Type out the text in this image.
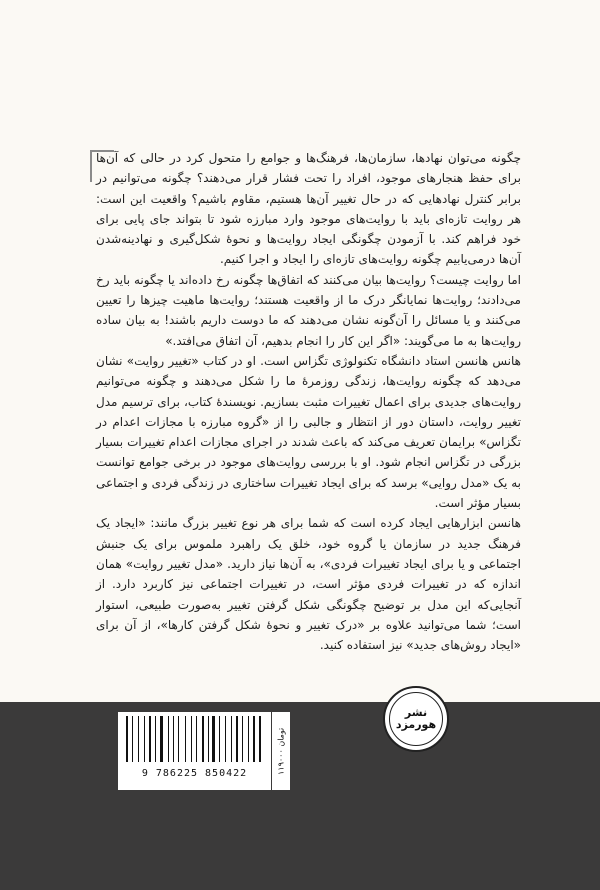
چگونه می‌توان نهادها، سازمان‌ها، فرهنگ‌ها و جوامع را متحول کرد در حالی که آن‌ها برای حفظ هنجارهای موجود، افراد را تحت فشار قرار می‌دهند؟ چگونه می‌توانیم در برابر کنترل نهادهایی که در حال تغییر آن‌ها هستیم، مقاوم باشیم؟ واقعیت این است: هر روایت تازه‌ای باید با روایت‌های موجود وارد مبارزه شود تا بتواند جای پایی برای خود فراهم کند. با آزمودن چگونگی ایجاد روایت‌ها و نحوهٔ شکل‌گیری و نهادینه‌شدن آن‌ها درمی‌یابیم چگونه روایت‌های تازه‌ای را ایجاد و اجرا کنیم.

اما روایت چیست؟ روایت‌ها بیان می‌کنند که اتفاق‌ها چگونه رخ داده‌اند یا چگونه باید رخ می‌دادند؛ روایت‌ها نمایانگر درک ما از واقعیت هستند؛ روایت‌ها ماهیت چیزها را تعیین می‌کنند و یا مسائل را آن‌گونه نشان می‌دهند که ما دوست داریم باشند! به بیان ساده روایت‌ها به ما می‌گویند: «اگر این کار را انجام بدهیم، آن اتفاق می‌افتد.»

هانس هانسن استاد دانشگاه تکنولوژی تگزاس است. او در کتاب «تغییر روایت» نشان می‌دهد که چگونه روایت‌ها، زندگی روزمرهٔ ما را شکل می‌دهند و چگونه می‌توانیم روایت‌های جدیدی برای اعمال تغییرات مثبت بسازیم. نویسندهٔ کتاب، برای ترسیم مدل تغییر روایت، داستان دور از انتظار و جالبی را از «گروه مبارزه با مجازات اعدام در تگزاس» برایمان تعریف می‌کند که باعث شدند در اجرای مجازات اعدام تغییرات بسیار بزرگی در تگزاس انجام شود. او با بررسی روایت‌های موجود در برخی جوامع توانست به یک «مدل روایی» برسد که برای ایجاد تغییرات ساختاری در زندگی فردی و اجتماعی بسیار مؤثر است.

هانسن ابزارهایی ایجاد کرده است که شما برای هر نوع تغییر بزرگ مانند: «ایجاد یک فرهنگ جدید در سازمان یا گروه خود، خلق یک راهبرد ملموس برای یک جنبش اجتماعی و یا برای ایجاد تغییرات فردی»، به آن‌ها نیاز دارید. «مدل تغییر روایت» همان اندازه که در تغییرات فردی مؤثر است، در تغییرات اجتماعی نیز کاربرد دارد. از آنجایی‌که این مدل بر توضیح چگونگی شکل گرفتن تغییر به‌صورت طبیعی، استوار است؛ شما می‌توانید علاوه بر «درک تغییر و نحوهٔ شکل گرفتن کارها»، از آن برای «ایجاد روش‌های جدید» نیز استفاده کنید.

9 786225 850422	۱۱۹۰۰۰ تومان
نشر هورمزد
